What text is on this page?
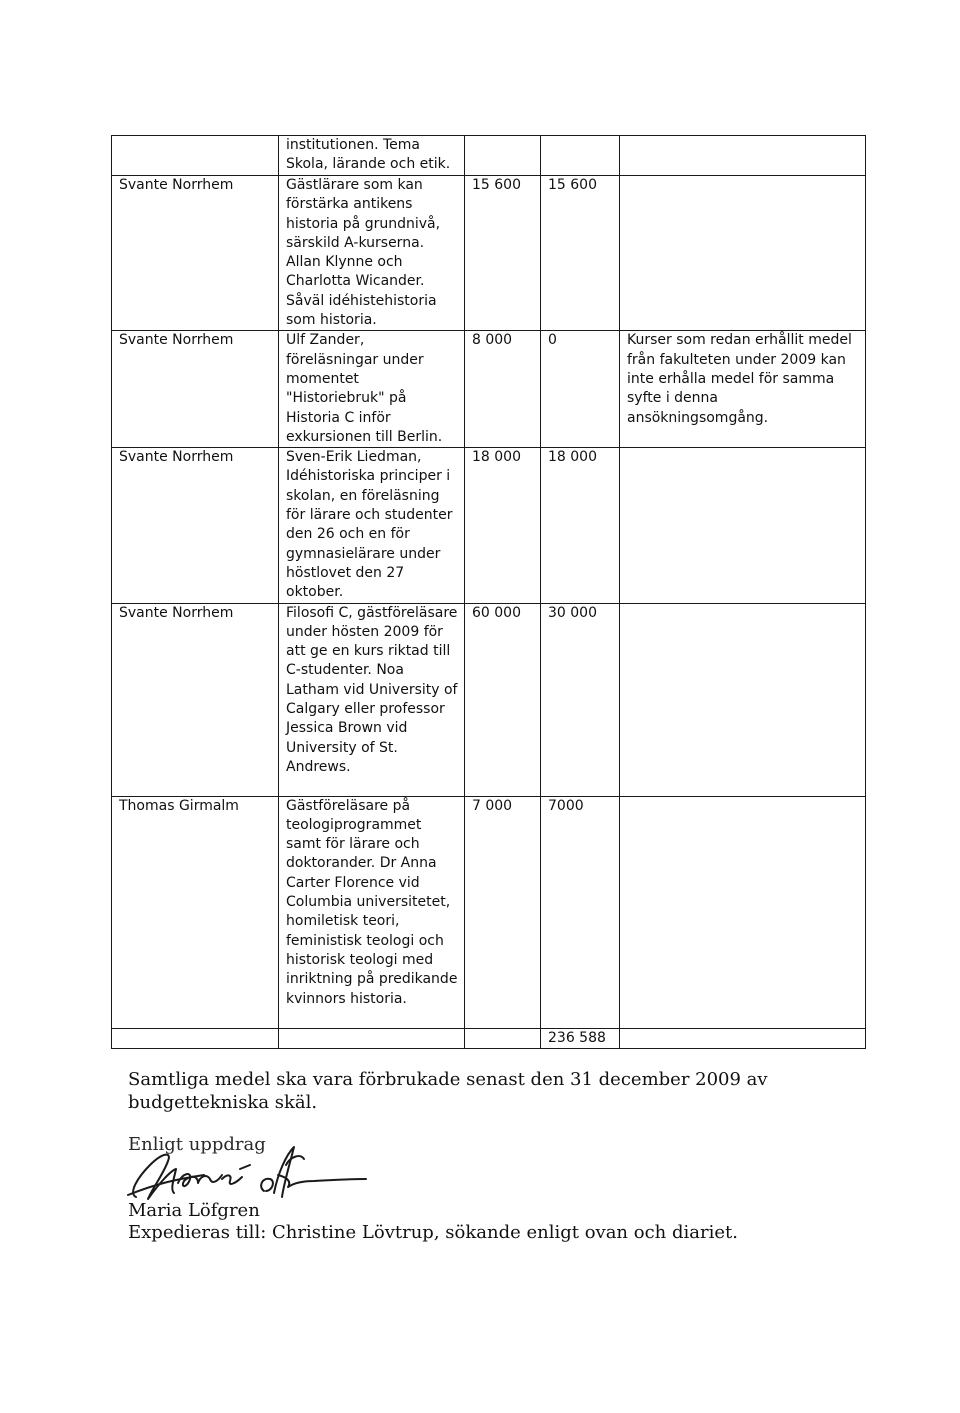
	institutionen. Tema Skola, lärande och etik.			

Svante Norrhem	Gästlärare som kan förstärka antikens historia på grundnivå, särskild A-kurserna. Allan Klynne och Charlotta Wicander. Såväl idéhistehistoria som historia.	15 600	15 600	

Svante Norrhem	Ulf Zander, föreläsningar under momentet "Historiebruk" på Historia C inför exkursionen till Berlin.	8 000	0	Kurser som redan erhållit medel från fakulteten under 2009 kan inte erhålla medel för samma syfte i denna ansökningsomgång.

Svante Norrhem	Sven-Erik Liedman, Idéhistoriska principer i skolan, en föreläsning för lärare och studenter den 26 och en för gymnasielärare under höstlovet den 27 oktober.	18 000	18 000	

Svante Norrhem	Filosofi C, gästföreläsare under hösten 2009 för att ge en kurs riktad till C-studenter. Noa Latham vid University of Calgary eller professor Jessica Brown vid University of St. Andrews.	60 000	30 000	

Thomas Girmalm	Gästföreläsare på teologiprogrammet samt för lärare och doktorander. Dr Anna Carter Florence vid Columbia universitetet, homiletisk teori, feministisk teologi och historisk teologi med inriktning på predikande kvinnors historia.	7 000	7000	

			236 588	

Samtliga medel ska vara förbrukade senast den 31 december 2009 av
budgettekniska skäl.
Enligt uppdrag
Maria Löfgren
Expedieras till: Christine Lövtrup, sökande enligt ovan och diariet.
